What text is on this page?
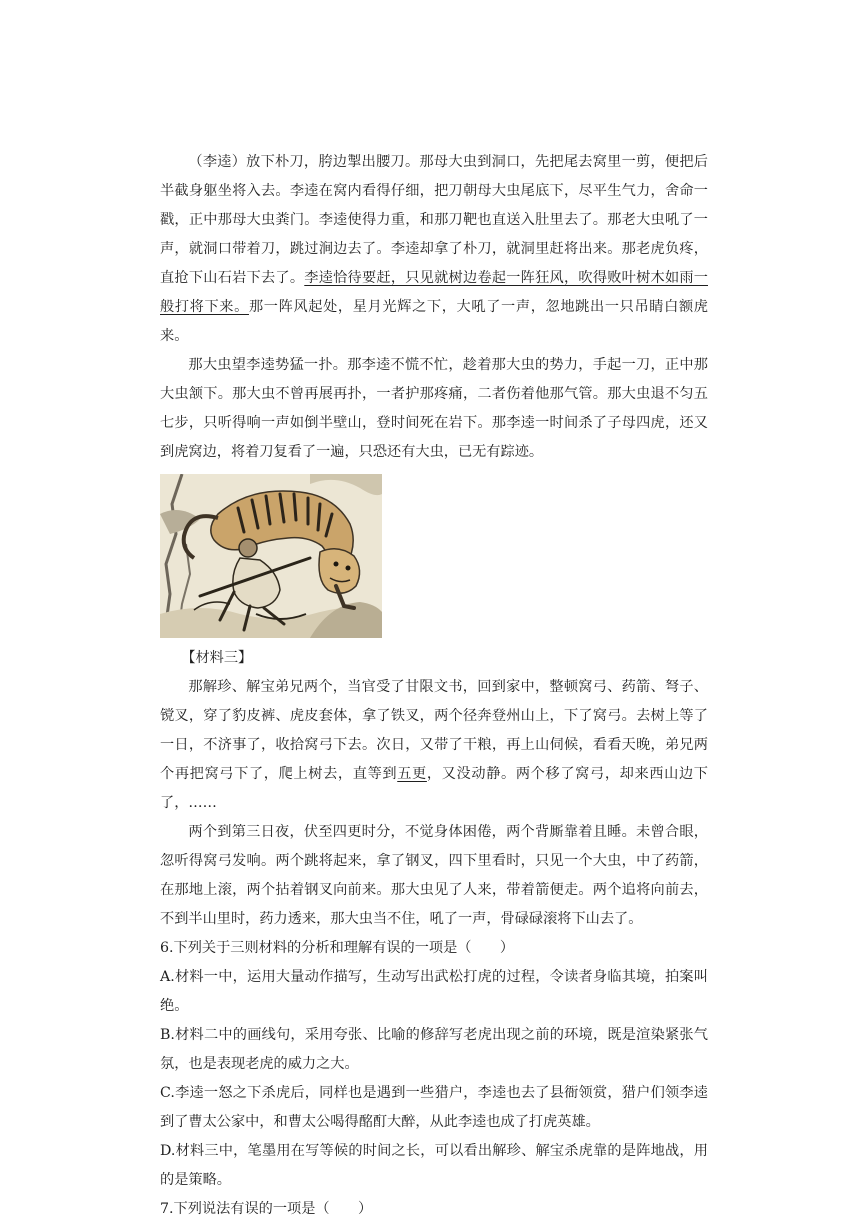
（李逵）放下朴刀，胯边掣出腰刀。那母大虫到洞口，先把尾去窝里一剪，便把后半截身躯坐将入去。李逵在窝内看得仔细，把刀朝母大虫尾底下，尽平生气力，舍命一戳，正中那母大虫粪门。李逵使得力重，和那刀靶也直送入肚里去了。那老大虫吼了一声，就洞口带着刀，跳过涧边去了。李逵却拿了朴刀，就洞里赶将出来。那老虎负疼，直抢下山石岩下去了。李逵恰待要赶，只见就树边卷起一阵狂风，吹得败叶树木如雨一般打将下来。那一阵风起处，星月光辉之下，大吼了一声，忽地跳出一只吊睛白额虎来。

那大虫望李逵势猛一扑。那李逵不慌不忙，趁着那大虫的势力，手起一刀，正中那大虫颔下。那大虫不曾再展再扑，一者护那疼痛，二者伤着他那气管。那大虫退不匀五七步，只听得响一声如倒半壁山，登时间死在岩下。那李逵一时间杀了子母四虎，还又到虎窝边，将着刀复看了一遍，只恐还有大虫，已无有踪迹。

【材料三】

那解珍、解宝弟兄两个，当官受了甘限文书，回到家中，整顿窝弓、药箭、弩子、镋叉，穿了豹皮裤、虎皮套体，拿了铁叉，两个径奔登州山上，下了窝弓。去树上等了一日，不济事了，收拾窝弓下去。次日，又带了干粮，再上山伺候，看看天晚，弟兄两个再把窝弓下了，爬上树去，直等到五更，又没动静。两个移了窝弓，却来西山边下了，……

两个到第三日夜，伏至四更时分，不觉身体困倦，两个背厮靠着且睡。未曾合眼，忽听得窝弓发响。两个跳将起来，拿了钢叉，四下里看时，只见一个大虫，中了药箭，在那地上滚，两个拈着钢叉向前来。那大虫见了人来，带着箭便走。两个追将向前去，不到半山里时，药力透来，那大虫当不住，吼了一声，骨碌碌滚将下山去了。

6.下列关于三则材料的分析和理解有误的一项是（　　）

A.材料一中，运用大量动作描写，生动写出武松打虎的过程，令读者身临其境，拍案叫绝。

B.材料二中的画线句，采用夸张、比喻的修辞写老虎出现之前的环境，既是渲染紧张气氛，也是表现老虎的威力之大。

C.李逵一怒之下杀虎后，同样也是遇到一些猎户，李逵也去了县衙领赏，猎户们领李逵到了曹太公家中，和曹太公喝得酩酊大醉，从此李逵也成了打虎英雄。

D.材料三中，笔墨用在写等候的时间之长，可以看出解珍、解宝杀虎靠的是阵地战，用的是策略。

7.下列说法有误的一项是（　　）
